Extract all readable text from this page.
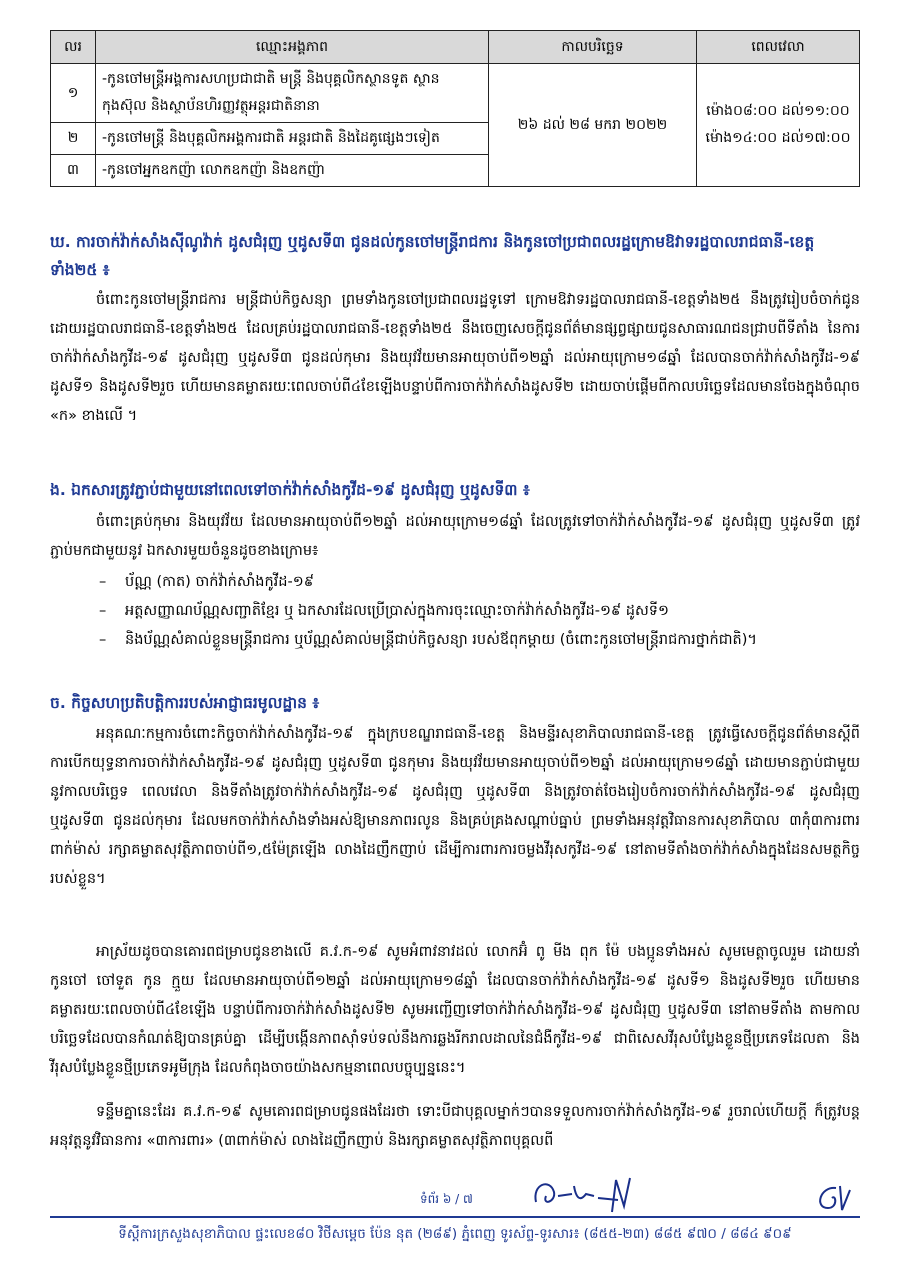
លរ	ឈ្មោះអង្គភាព	កាលបរិច្ឆេទ	ពេលវេលា
១	-កូនចៅមន្ត្រីអង្គការសហប្រជាជាតិ មន្ត្រី និងបុគ្គលិកស្ថានទូត ស្ថានកុងស៊ុល និងស្ថាប័នហិរញ្ញវត្ថុអន្តរជាតិនានា	២៦ ដល់ ២៨ មករា ២០២២	ម៉ោង០៨:០០ ដល់១១:០០
ម៉ោង១៤:០០ ដល់១៧:០០

២	-កូនចៅមន្ត្រី និងបុគ្គលិកអង្គការជាតិ អន្តរជាតិ និងដៃគូផ្សេងៗទៀត		
៣	-កូនចៅអ្នកឧកញ៉ា លោកឧកញ៉ា និងឧកញ៉ា		
ឃ. ការចាក់វ៉ាក់សាំងស៊ីណូវ៉ាក់ ដូសជំរុញ ឬដូសទី៣ ជូនដល់កូនចៅមន្ត្រីរាជការ និងកូនចៅប្រជាពលរដ្ឋក្រោមឱវាទរដ្ឋបាលរាជធានី-ខេត្តទាំង២៥ ៖
ចំពោះកូនចៅមន្ត្រីរាជការ មន្ត្រីជាប់កិច្ចសន្យា ព្រមទាំងកូនចៅប្រជាពលរដ្ឋទូទៅ ក្រោមឱវាទរដ្ឋបាលរាជធានី-ខេត្តទាំង២៥ នឹងត្រូវរៀបចំចាក់ជូនដោយរដ្ឋបាលរាជធានី-ខេត្តទាំង២៥ ដែលគ្រប់រដ្ឋបាលរាជធានី-ខេត្តទាំង២៥ នឹងចេញសេចក្តីជូនព័ត៌មានផ្សព្វផ្សាយជូនសាធារណជនជ្រាបពីទីតាំង នៃការចាក់វ៉ាក់សាំងកូវីដ-១៩ ដូសជំរុញ ឬដូសទី៣ ជូនដល់កុមារ និងយុវវ័យមានអាយុចាប់ពី១២ឆ្នាំ ដល់អាយុក្រោម១៨ឆ្នាំ ដែលបានចាក់វ៉ាក់សាំងកូវីដ-១៩ ដូសទី១ និងដូសទី២រួច ហើយមានគម្លាតរយៈពេលចាប់ពី៤ខែឡើងបន្ទាប់ពីការចាក់វ៉ាក់សាំងដូសទី២ ដោយចាប់ផ្តើមពីកាលបរិច្ឆេទដែលមានចែងក្នុងចំណុច «ក» ខាងលើ ។
ង. ឯកសារត្រូវភ្ជាប់ជាមួយនៅពេលទៅចាក់វ៉ាក់សាំងកូវីដ-១៩ ដូសជំរុញ ឬដូសទី៣ ៖
ចំពោះគ្រប់កុមារ និងយុវវ័យ ដែលមានអាយុចាប់ពី១២ឆ្នាំ ដល់អាយុក្រោម១៨ឆ្នាំ ដែលត្រូវទៅចាក់វ៉ាក់សាំងកូវីដ-១៩ ដូសជំរុញ ឬដូសទី៣ ត្រូវភ្ជាប់មកជាមួយនូវ ឯកសារមួយចំនួនដូចខាងក្រោម៖
– ប័ណ្ណ (កាត) ចាក់វ៉ាក់សាំងកូវីដ-១៩
– អត្តសញ្ញាណប័ណ្ណសញ្ជាតិខ្មែរ ឬ ឯកសារដែលប្រើប្រាស់ក្នុងការចុះឈ្មោះចាក់វ៉ាក់សាំងកូវីដ-១៩ ដូសទី១
– និងប័ណ្ណសំគាល់ខ្លួនមន្ត្រីរាជការ ឬប័ណ្ណសំគាល់មន្ត្រីជាប់កិច្ចសន្យា របស់ឪពុកម្តាយ (ចំពោះកូនចៅមន្ត្រីរាជការថ្នាក់ជាតិ)។
ច. កិច្ចសហប្រតិបត្តិការរបស់អាជ្ញាធរមូលដ្ឋាន ៖
អនុគណៈកម្មការចំពោះកិច្ចចាក់វ៉ាក់សាំងកូវីដ-១៩ ក្នុងក្របខណ្ឌរាជធានី-ខេត្ត និងមន្ទីរសុខាភិបាលរាជធានី-ខេត្ត ត្រូវធ្វើសេចក្តីជូនព័ត៌មានស្តីពីការបើកយុទ្ធនាការចាក់វ៉ាក់សាំងកូវីដ-១៩ ដូសជំរុញ ឬដូសទី៣ ជូនកុមារ និងយុវវ័យមានអាយុចាប់ពី១២ឆ្នាំ ដល់អាយុក្រោម១៨ឆ្នាំ ដោយមានភ្ជាប់ជាមួយនូវកាលបរិច្ឆេទ ពេលវេលា និងទីតាំងត្រូវចាក់វ៉ាក់សាំងកូវីដ-១៩ ដូសជំរុញ ឬដូសទី៣ និងត្រូវចាត់ចែងរៀបចំការចាក់វ៉ាក់សាំងកូវីដ-១៩ ដូសជំរុញ ឬដូសទី៣ ជូនដល់កុមារ ដែលមកចាក់វ៉ាក់សាំងទាំងអស់ឱ្យមានភាពរលូន និងគ្រប់គ្រងសណ្តាប់ធ្នាប់ ព្រមទាំងអនុវត្តវិធានការសុខាភិបាល ៣កុំ៣ការពារ ពាក់ម៉ាស់ រក្សាគម្លាតសុវត្ថិភាពចាប់ពី១,៥ម៉ែត្រឡើង លាងដៃញឹកញាប់ ដើម្បីការពារការចម្លងវីរុសកូវីដ-១៩ នៅតាមទីតាំងចាក់វ៉ាក់សាំងក្នុងដែនសមត្ថកិច្ចរបស់ខ្លួន។
អាស្រ័យដូចបានគោរពជម្រាបជូនខាងលើ គ.វ.ក-១៩ សូមអំពាវនាវដល់ លោកអ៊ំ ពូ មីង ពុក ម៉ែ បងប្អូនទាំងអស់ សូមមេត្តាចូលរួម ដោយនាំកូនចៅ ចៅទួត កូន ក្មួយ ដែលមានអាយុចាប់ពី១២ឆ្នាំ ដល់អាយុក្រោម១៨ឆ្នាំ ដែលបានចាក់វ៉ាក់សាំងកូវីដ-១៩ ដូសទី១ និងដូសទី២រួច ហើយមានគម្លាតរយៈពេលចាប់ពី៤ខែឡើង បន្ទាប់ពីការចាក់វ៉ាក់សាំងដូសទី២ សូមអញ្ជើញទៅចាក់វ៉ាក់សាំងកូវីដ-១៩ ដូសជំរុញ ឬដូសទី៣ នៅតាមទីតាំង តាមកាលបរិច្ឆេទដែលបានកំណត់ឱ្យបានគ្រប់គ្នា ដើម្បីបង្កើនភាពស៊ាំទប់ទល់នឹងការឆ្លងរីករាលដាលនៃជំងឺកូវីដ-១៩ ជាពិសេសវីរុសបំប្លែងខ្លួនថ្មីប្រភេទដែលតា និងវីរុសបំប្លែងខ្លួនថ្មីប្រភេទអូមីក្រុង ដែលកំពុងចាចយ៉ាងសកម្មនាពេលបច្ចុប្បន្ននេះ។
ទន្ទឹមគ្នានេះដែរ គ.វ.ក-១៩ សូមគោរពជម្រាបជូនផងដែរថា ទោះបីជាបុគ្គលម្នាក់ៗបានទទួលការចាក់វ៉ាក់សាំងកូវីដ-១៩ រួចរាល់ហើយក្តី ក៏ត្រូវបន្តអនុវត្តនូវវិធានការ «៣ការពារ» (៣ពាក់ម៉ាស់ លាងដៃញឹកញាប់ និងរក្សាគម្លាតសុវត្ថិភាពបុគ្គលពី
ទំព័រ ៦ / ៧
ទីស្តីការក្រសួងសុខាភិបាល ផ្ទះលេខ៨០ វិថីសម្តេច ប៉ែន នុត (២៨៩) ភ្នំពេញ ទូរស័ព្ទ-ទូរសារ៖ (៨៥៥-២៣) ៨៨៥ ៩៧០ / ៨៨៤ ៩០៩
